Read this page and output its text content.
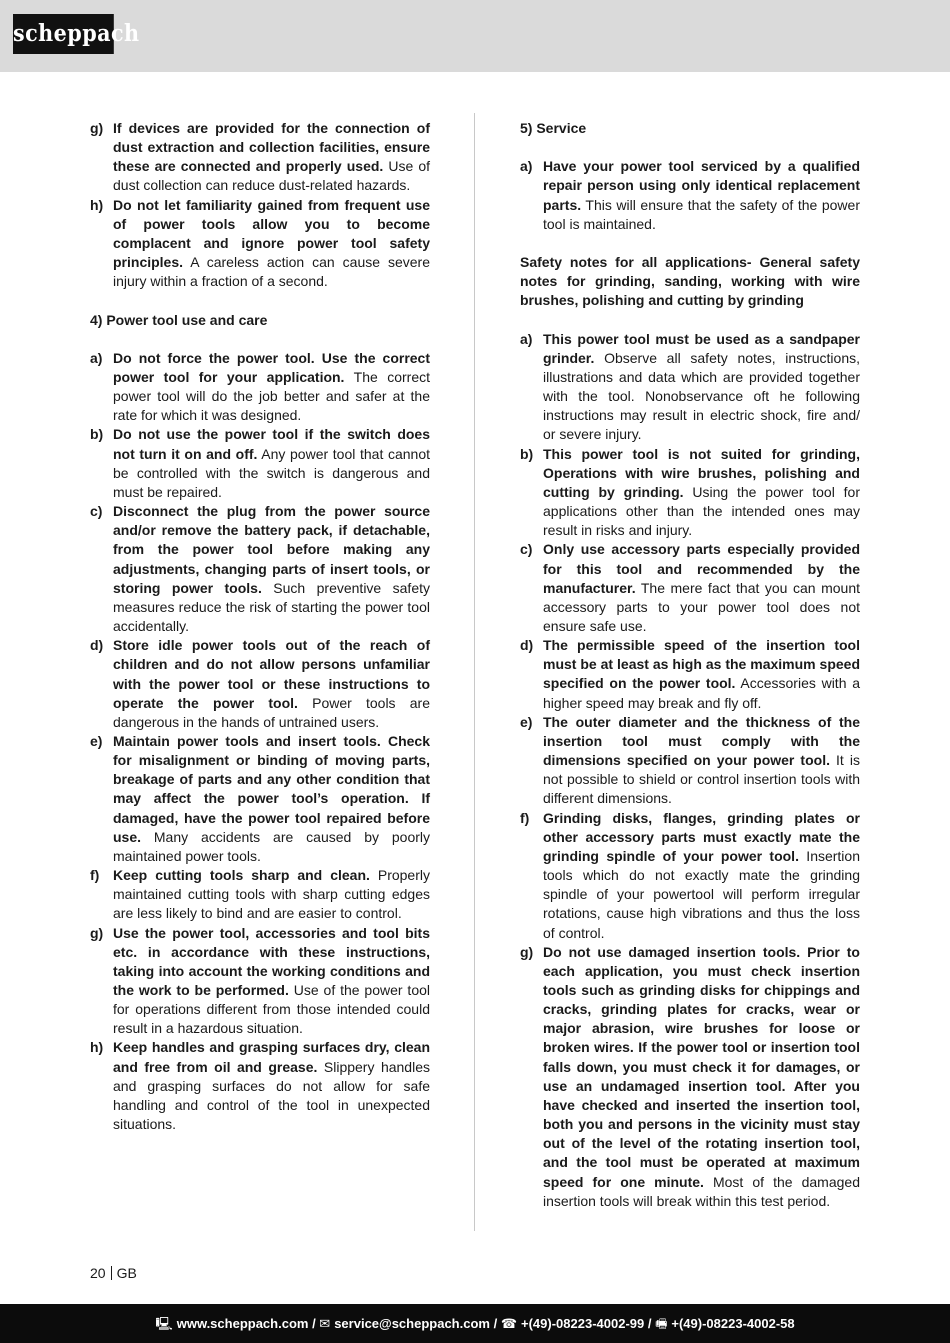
scheppach
g) If devices are provided for the connection of dust extraction and collection facilities, ensure these are connected and properly used. Use of dust collection can reduce dust-related hazards.
h) Do not let familiarity gained from frequent use of power tools allow you to become complacent and ignore power tool safety principles. A careless action can cause severe injury within a fraction of a second.
4) Power tool use and care
a) Do not force the power tool. Use the correct power tool for your application. The correct power tool will do the job better and safer at the rate for which it was designed.
b) Do not use the power tool if the switch does not turn it on and off. Any power tool that cannot be controlled with the switch is dangerous and must be repaired.
c) Disconnect the plug from the power source and/or remove the battery pack, if detachable, from the power tool before making any adjustments, changing parts of insert tools, or storing power tools. Such preventive safety measures reduce the risk of starting the power tool accidentally.
d) Store idle power tools out of the reach of children and do not allow persons unfamiliar with the power tool or these instructions to operate the power tool. Power tools are dangerous in the hands of untrained users.
e) Maintain power tools and insert tools. Check for misalignment or binding of moving parts, breakage of parts and any other condition that may affect the power tool’s operation. If damaged, have the power tool repaired before use. Many accidents are caused by poorly maintained power tools.
f) Keep cutting tools sharp and clean. Properly maintained cutting tools with sharp cutting edges are less likely to bind and are easier to control.
g) Use the power tool, accessories and tool bits etc. in accordance with these instructions, taking into account the working conditions and the work to be performed. Use of the power tool for operations different from those intended could result in a hazardous situation.
h) Keep handles and grasping surfaces dry, clean and free from oil and grease. Slippery handles and grasping surfaces do not allow for safe handling and control of the tool in unexpected situations.
5) Service
a) Have your power tool serviced by a qualified repair person using only identical replacement parts. This will ensure that the safety of the power tool is maintained.
Safety notes for all applications- General safety notes for grinding, sanding, working with wire brushes, polishing and cutting by grinding
a) This power tool must be used as a sandpaper grinder. Observe all safety notes, instructions, illustrations and data which are provided together with the tool. Nonobservance oft he following instructions may result in electric shock, fire and/ or severe injury.
b) This power tool is not suited for grinding, Operations with wire brushes, polishing and cutting by grinding. Using the power tool for applications other than the intended ones may result in risks and injury.
c) Only use accessory parts especially provided for this tool and recommended by the manufacturer. The mere fact that you can mount accessory parts to your power tool does not ensure safe use.
d) The permissible speed of the insertion tool must be at least as high as the maximum speed specified on the power tool. Accessories with a higher speed may break and fly off.
e) The outer diameter and the thickness of the insertion tool must comply with the dimensions specified on your power tool. It is not possible to shield or control insertion tools with different dimensions.
f) Grinding disks, flanges, grinding plates or other accessory parts must exactly mate the grinding spindle of your power tool. Insertion tools which do not exactly mate the grinding spindle of your powertool will perform irregular rotations, cause high vibrations and thus the loss of control.
g) Do not use damaged insertion tools. Prior to each application, you must check insertion tools such as grinding disks for chippings and cracks, grinding plates for cracks, wear or major abrasion, wire brushes for loose or broken wires. If the power tool or insertion tool falls down, you must check it for damages, or use an undamaged insertion tool. After you have checked and inserted the insertion tool, both you and persons in the vicinity must stay out of the level of the rotating insertion tool, and the tool must be operated at maximum speed for one minute. Most of the damaged insertion tools will break within this test period.
20 GB
🖳 www.scheppach.com / ✉ service@scheppach.com / ☎ +(49)-08223-4002-99 / 🖷 +(49)-08223-4002-58
